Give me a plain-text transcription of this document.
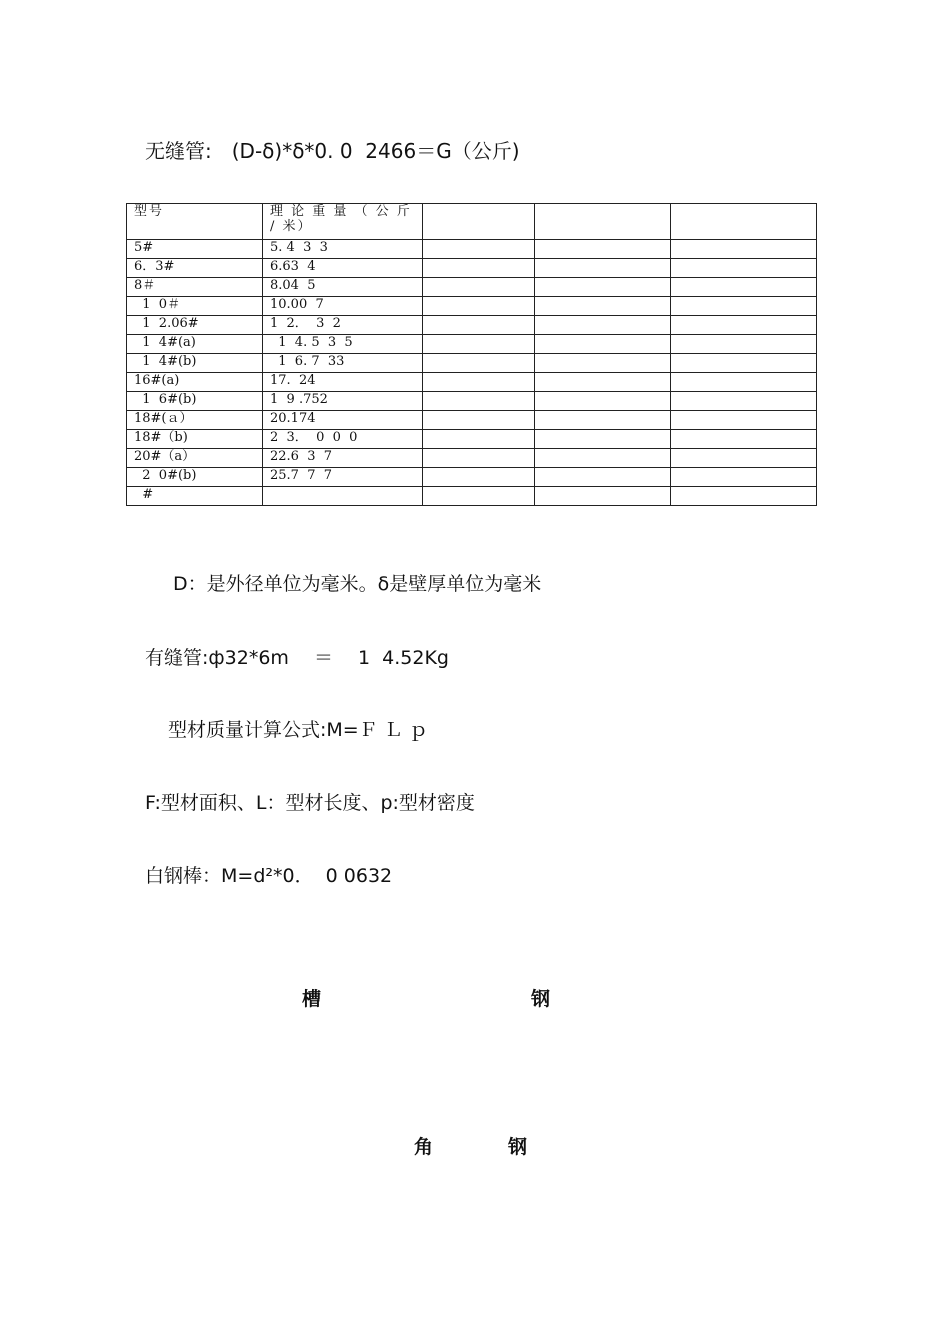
无缝管:　(D-δ)*δ*0. 0  2466＝G（公斤)
型号	理 论 重 量 （ 公 斤 / 米）			
5#	5. 4  3  3			
6．3#	6.63  4			
8＃	8.04  5			
1  0＃	10.00  7			
1  2.06#	1  2．  3  2			
1  4#(a)	1  4. 5  3  5			
1  4#(b)	1  6. 7  33			
16#(a)	17.  24			
1  6#(b)	1  9 .752			
18#(ａ）	20.174			
18#（b)	2  3．  0  0  0			
20#（a）	22.6  3  7			
2  0#(b)	25.7  7  7			
#				
D：是外径单位为毫米。δ是壁厚单位为毫米
有缝管:ф32*6m　 ＝　 1  4.52Kg
型材质量计算公式:M=Ｆ Ｌ ｐ
F:型材面积、L：型材长度、p:型材密度
白钢棒：M=d²*0．  0 0632
槽	钢
角	钢
